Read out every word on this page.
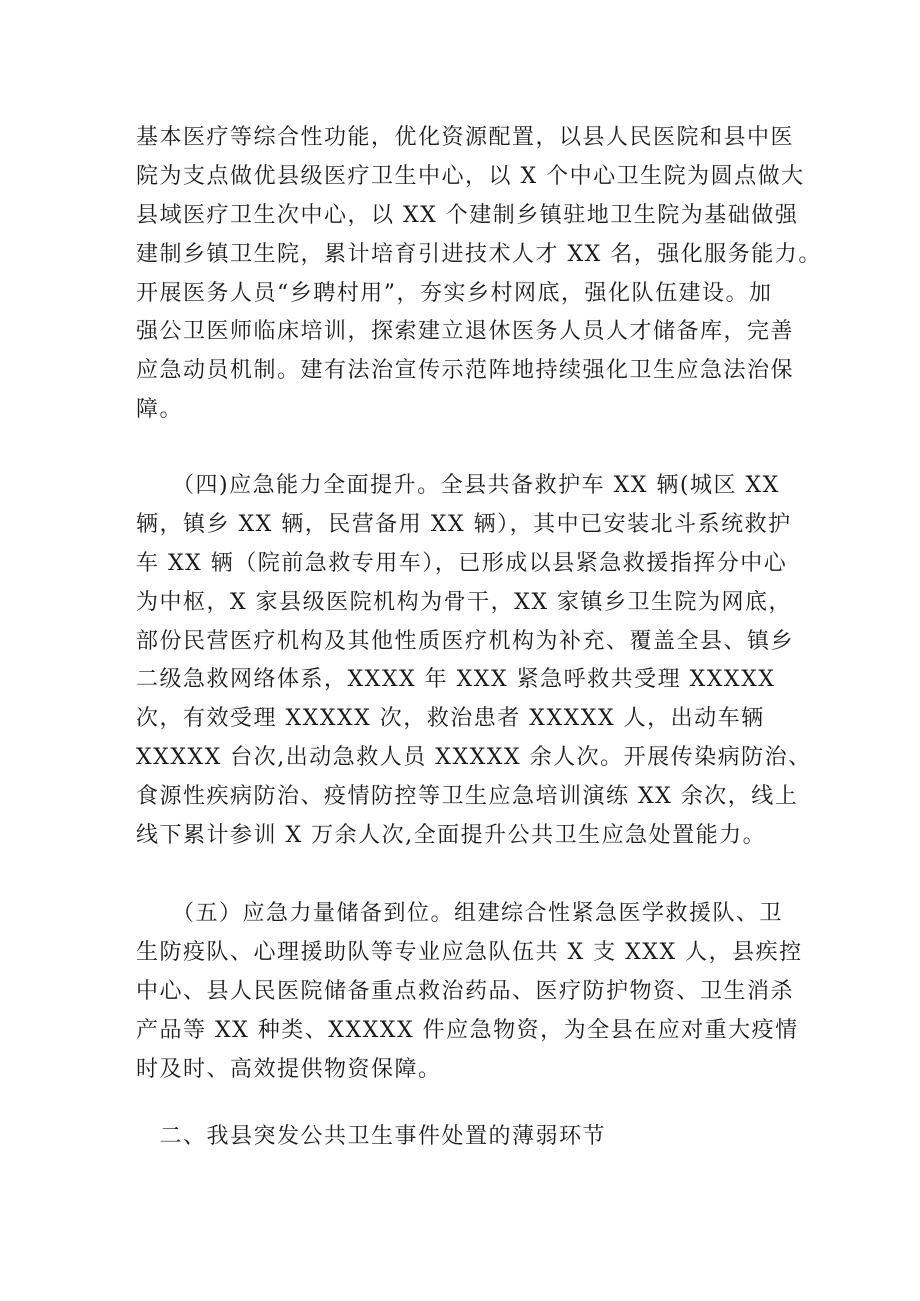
基本医疗等综合性功能，优化资源配置，以县人民医院和县中医
院为支点做优县级医疗卫生中心，以 X 个中心卫生院为圆点做大
县域医疗卫生次中心，以 XX 个建制乡镇驻地卫生院为基础做强
建制乡镇卫生院，累计培育引进技术人才 XX 名，强化服务能力。
开展医务人员“乡聘村用”，夯实乡村网底，强化队伍建设。加
强公卫医师临床培训，探索建立退休医务人员人才储备库，完善
应急动员机制。建有法治宣传示范阵地持续强化卫生应急法治保
障。
　　（四)应急能力全面提升。全县共备救护车 XX 辆(城区 XX
辆，镇乡 XX 辆，民营备用 XX 辆），其中已安装北斗系统救护
车 XX 辆（院前急救专用车），已形成以县紧急救援指挥分中心
为中枢，X 家县级医院机构为骨干，XX 家镇乡卫生院为网底，
部份民营医疗机构及其他性质医疗机构为补充、覆盖全县、镇乡
二级急救网络体系，XXXX 年 XXX 紧急呼救共受理 XXXXX
次，有效受理 XXXXX 次，救治患者 XXXXX 人，出动车辆
XXXXX 台次,出动急救人员 XXXXX 余人次。开展传染病防治、
食源性疾病防治、疫情防控等卫生应急培训演练 XX 余次，线上
线下累计参训 X 万余人次,全面提升公共卫生应急处置能力。
　　（五）应急力量储备到位。组建综合性紧急医学救援队、卫
生防疫队、心理援助队等专业应急队伍共 X 支 XXX 人，县疾控
中心、县人民医院储备重点救治药品、医疗防护物资、卫生消杀
产品等 XX 种类、XXXXX 件应急物资，为全县在应对重大疫情
时及时、高效提供物资保障。
　二、我县突发公共卫生事件处置的薄弱环节
